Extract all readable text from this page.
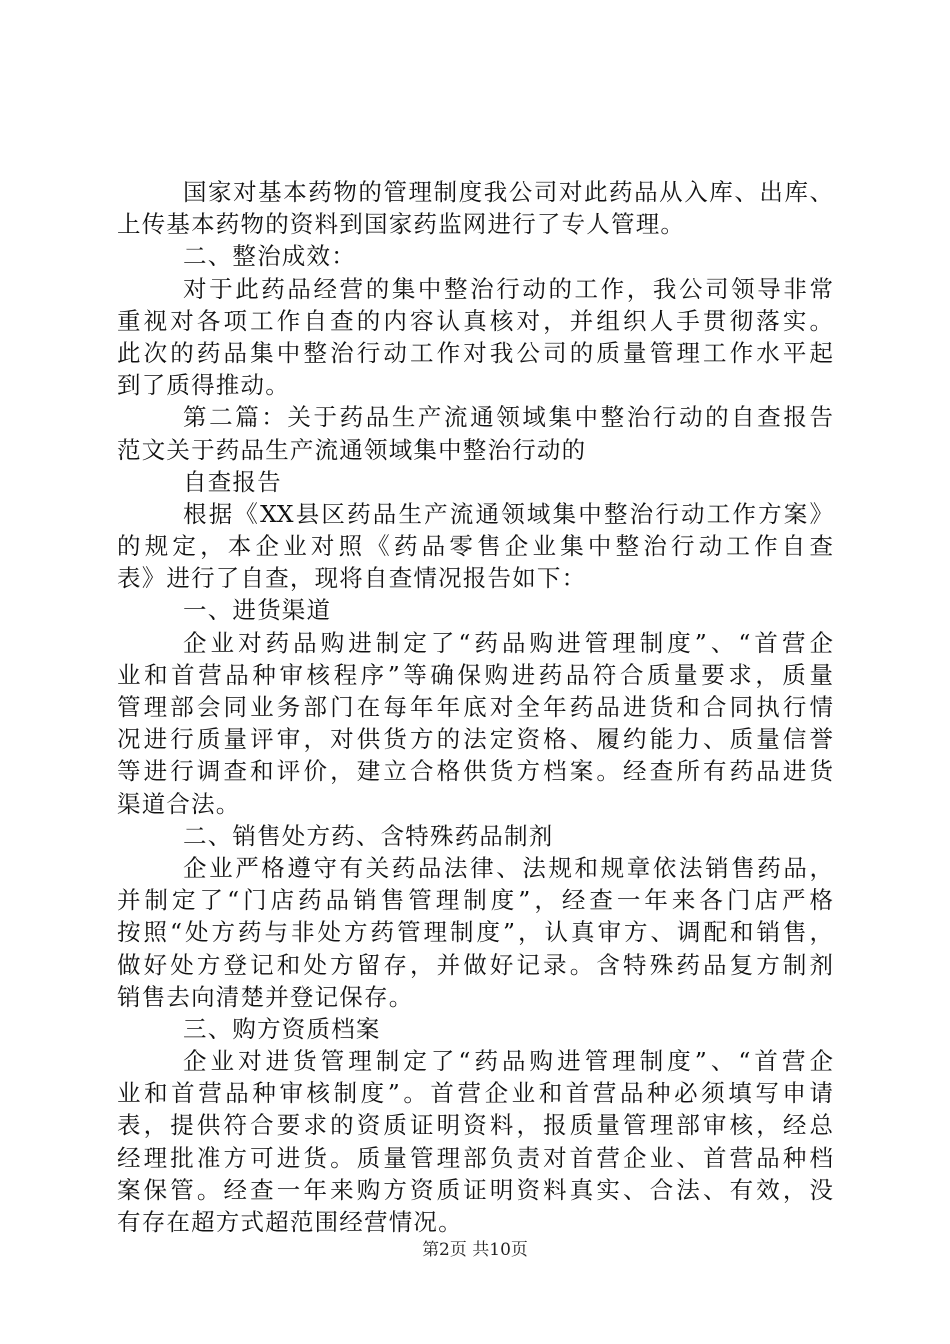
国家对基本药物的管理制度我公司对此药品从入库、出库、
上传基本药物的资料到国家药监网进行了专人管理。
二、整治成效：
对于此药品经营的集中整治行动的工作，我公司领导非常
重视对各项工作自查的内容认真核对，并组织人手贯彻落实。
此次的药品集中整治行动工作对我公司的质量管理工作水平起
到了质得推动。
第二篇：关于药品生产流通领域集中整治行动的自查报告
范文关于药品生产流通领域集中整治行动的
自查报告
根据《XX县区药品生产流通领域集中整治行动工作方案》
的规定，本企业对照《药品零售企业集中整治行动工作自查
表》进行了自查，现将自查情况报告如下：
一、进货渠道
企业对药品购进制定了“药品购进管理制度”、“首营企
业和首营品种审核程序”等确保购进药品符合质量要求，质量
管理部会同业务部门在每年年底对全年药品进货和合同执行情
况进行质量评审，对供货方的法定资格、履约能力、质量信誉
等进行调查和评价，建立合格供货方档案。经查所有药品进货
渠道合法。
二、销售处方药、含特殊药品制剂
企业严格遵守有关药品法律、法规和规章依法销售药品，
并制定了“门店药品销售管理制度”，经查一年来各门店严格
按照“处方药与非处方药管理制度”，认真审方、调配和销售，
做好处方登记和处方留存，并做好记录。含特殊药品复方制剂
销售去向清楚并登记保存。
三、购方资质档案
企业对进货管理制定了“药品购进管理制度”、“首营企
业和首营品种审核制度”。首营企业和首营品种必须填写申请
表，提供符合要求的资质证明资料，报质量管理部审核，经总
经理批准方可进货。质量管理部负责对首营企业、首营品种档
案保管。经查一年来购方资质证明资料真实、合法、有效，没
有存在超方式超范围经营情况。
第2页 共10页
